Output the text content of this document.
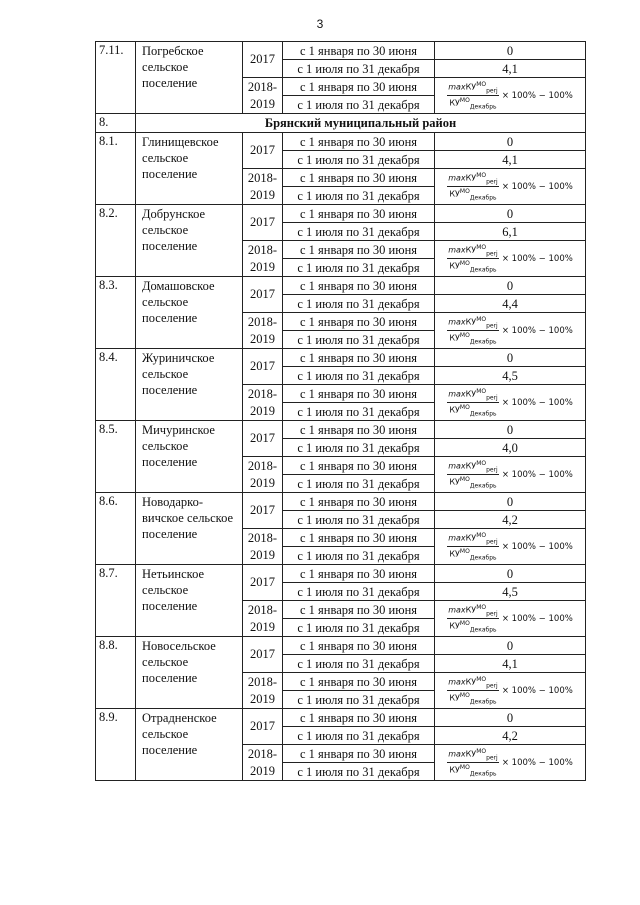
3
7.11.	Погребское сельское поселение	2017	с 1 января по 30 июня	0
			с 1 июля по 31 декабря	4,1
		2018-2019	с 1 января по 30 июня	$\frac{\max КУ^{МО}_{perj}}{КУ^{МО}_{Декабрь}} \times 100\% - 100\%$
			с 1 июля по 31 декабря	
8.	Брянский муниципальный район			
8.1.	Глинищевское сельское поселение	2017	с 1 января по 30 июня	0
			с 1 июля по 31 декабря	4,1
		2018-2019	с 1 января по 30 июня	$\frac{\max КУ^{МО}_{perj}}{КУ^{МО}_{Декабрь}} \times 100\% - 100\%$
			с 1 июля по 31 декабря	
8.2.	Добрунское сельское поселение	2017	с 1 января по 30 июня	0
			с 1 июля по 31 декабря	6,1
		2018-2019	с 1 января по 30 июня	$\frac{\max КУ^{МО}_{perj}}{КУ^{МО}_{Декабрь}} \times 100\% - 100\%$
			с 1 июля по 31 декабря	
8.3.	Домашовское сельское поселение	2017	с 1 января по 30 июня	0
			с 1 июля по 31 декабря	4,4
		2018-2019	с 1 января по 30 июня	$\frac{\max КУ^{МО}_{perj}}{КУ^{МО}_{Декабрь}} \times 100\% - 100\%$
			с 1 июля по 31 декабря	
8.4.	Журиничское сельское поселение	2017	с 1 января по 30 июня	0
			с 1 июля по 31 декабря	4,5
		2018-2019	с 1 января по 30 июня	$\frac{\max КУ^{МО}_{perj}}{КУ^{МО}_{Декабрь}} \times 100\% - 100\%$
			с 1 июля по 31 декабря	
8.5.	Мичуринское сельское поселение	2017	с 1 января по 30 июня	0
			с 1 июля по 31 декабря	4,0
		2018-2019	с 1 января по 30 июня	$\frac{\max КУ^{МО}_{perj}}{КУ^{МО}_{Декабрь}} \times 100\% - 100\%$
			с 1 июля по 31 декабря	
8.6.	Новодарко-вичское сельское поселение	2017	с 1 января по 30 июня	0
			с 1 июля по 31 декабря	4,2
		2018-2019	с 1 января по 30 июня	$\frac{\max КУ^{МО}_{perj}}{КУ^{МО}_{Декабрь}} \times 100\% - 100\%$
			с 1 июля по 31 декабря	
8.7.	Нетьинское сельское поселение	2017	с 1 января по 30 июня	0
			с 1 июля по 31 декабря	4,5
		2018-2019	с 1 января по 30 июня	$\frac{\max КУ^{МО}_{perj}}{КУ^{МО}_{Декабрь}} \times 100\% - 100\%$
			с 1 июля по 31 декабря	
8.8.	Новосельское сельское поселение	2017	с 1 января по 30 июня	0
			с 1 июля по 31 декабря	4,1
		2018-2019	с 1 января по 30 июня	$\frac{\max КУ^{МО}_{perj}}{КУ^{МО}_{Декабрь}} \times 100\% - 100\%$
			с 1 июля по 31 декабря	
8.9.	Отрадненское сельское поселение	2017	с 1 января по 30 июня	0
			с 1 июля по 31 декабря	4,2
		2018-2019	с 1 января по 30 июня	$\frac{\max КУ^{МО}_{perj}}{КУ^{МО}_{Декабрь}} \times 100\% - 100\%$
			с 1 июля по 31 декабря	
